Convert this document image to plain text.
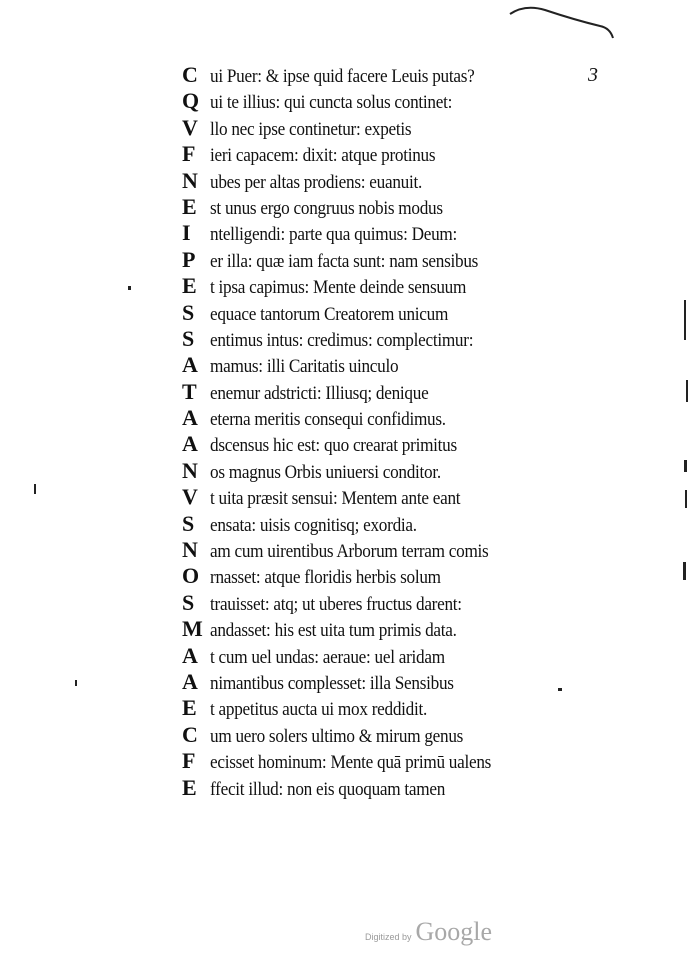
3
C ui Puer: & ipse quid facere Leuis putas?
Q ui te illius: qui cuncta solus continet:
V llo nec ipse continetur: expetis
F ieri capacem: dixit: atque protinus
N ubes per altas prodiens: euanuit.
E st unus ergo congruus nobis modus
I	ntelligendi: parte qua quimus: Deum:
P er illa: quæ iam facta sunt: nam sensibus
E t ipsa capimus: Mente deinde sensuum
S equace tantorum Creatorem unicum
S entimus intus: credimus: complectimur:
A mamus: illi Caritatis uinculo
T enemur adstricti: Illiusq; denique
A eterna meritis consequi confidimus.
A dscensus hic est: quo crearat primitus
N os magnus Orbis uniuersi conditor.
V t uita præsit sensui: Mentem ante eant
S ensata: uisis cognitisq; exordia.
N am cum uirentibus Arborum terram comis
O rnasset: atque floridis herbis solum
S trauisset: atq; ut uberes fructus darent:
M andasset: his est uita tum primis data.
A t cum uel undas: aeraue: uel aridam
A nimantibus complesset: illa Sensibus
E t appetitus aucta ui mox reddidit.
C um uero solers ultimo & mirum genus
F ecisset hominum: Mente quā primū ualens
E ffecit illud: non eis quoquam tamen
Digitized by Google
